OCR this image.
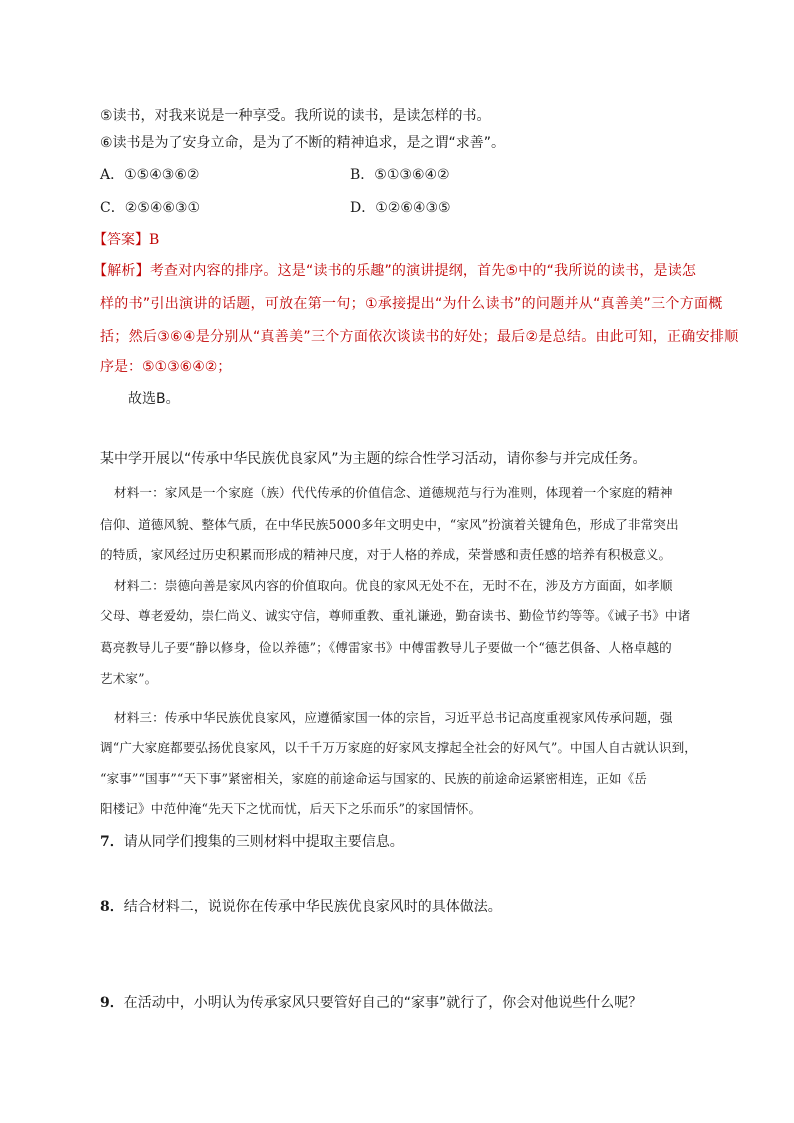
⑤读书，对我来说是一种享受。我所说的读书，是读怎样的书。
⑥读书是为了安身立命，是为了不断的精神追求，是之谓“求善”。
A．①⑤④③⑥②	B．⑤①③⑥④②
C．②⑤④⑥③①	D．①②⑥④③⑤
【答案】B
【解析】考查对内容的排序。这是“读书的乐趣”的演讲提纲，首先⑤中的“我所说的读书，是读怎
样的书”引出演讲的话题，可放在第一句；①承接提出“为什么读书”的问题并从“真善美”三个方面概
括；然后③⑥④是分别从“真善美”三个方面依次谈读书的好处；最后②是总结。由此可知，正确安排顺
序是：⑤①③⑥④②；
故选B。
某中学开展以“传承中华民族优良家风”为主题的综合性学习活动，请你参与并完成任务。
材料一：家风是一个家庭（族）代代传承的价值信念、道德规范与行为准则，体现着一个家庭的精神
信仰、道德风貌、整体气质，在中华民族5000多年文明史中，“家风”扮演着关键角色，形成了非常突出
的特质，家风经过历史积累而形成的精神尺度，对于人格的养成，荣誉感和责任感的培养有积极意义。
材料二：崇德向善是家风内容的价值取向。优良的家风无处不在，无时不在，涉及方方面面，如孝顺
父母、尊老爱幼，崇仁尚义、诚实守信，尊师重教、重礼谦逊，勤奋读书、勤俭节约等等。《诫子书》中诸
葛亮教导儿子要“静以修身，俭以养德”；《傅雷家书》中傅雷教导儿子要做一个“德艺俱备、人格卓越的
艺术家”。
材料三：传承中华民族优良家风，应遵循家国一体的宗旨，习近平总书记高度重视家风传承问题，强
调“广大家庭都要弘扬优良家风，以千千万万家庭的好家风支撑起全社会的好风气”。中国人自古就认识到，
“家事”“国事”“天下事”紧密相关，家庭的前途命运与国家的、民族的前途命运紧密相连，正如《岳
阳楼记》中范仲淹“先天下之忧而忧，后天下之乐而乐”的家国情怀。
7．请从同学们搜集的三则材料中提取主要信息。
8．结合材料二，说说你在传承中华民族优良家风时的具体做法。
9．在活动中，小明认为传承家风只要管好自己的“家事”就行了，你会对他说些什么呢？
